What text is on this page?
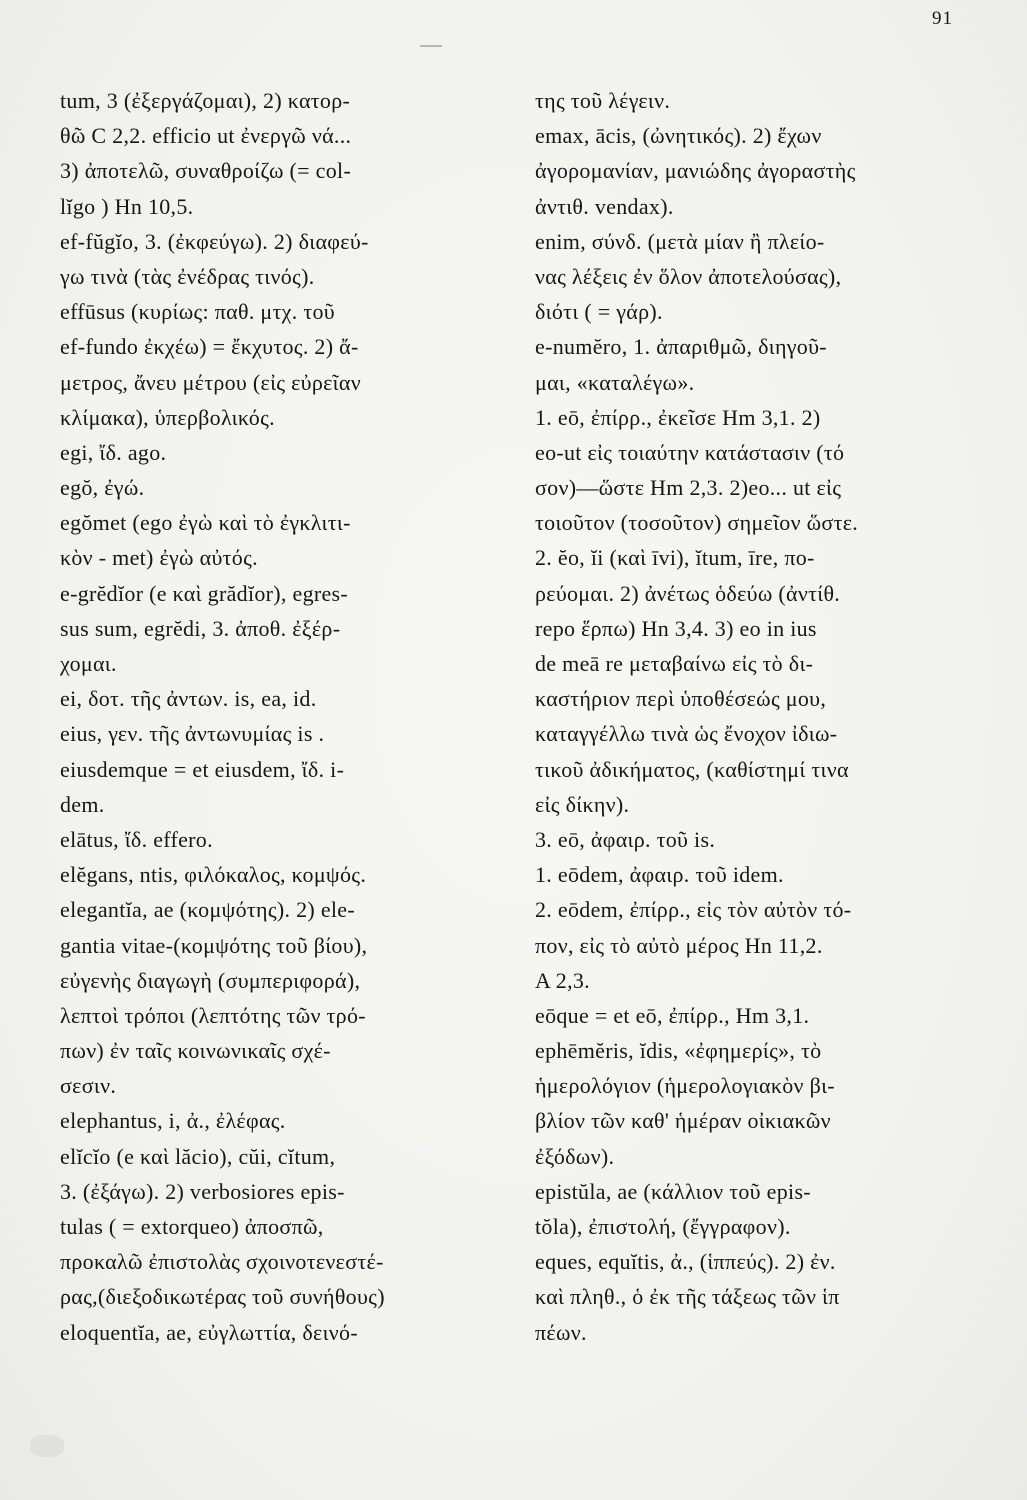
91
tum, 3 (ἐξεργάζομαι), 2) κατορ-
θῶ C 2,2. efficio ut ἐνεργῶ νά...
3) ἀποτελῶ, συναθροίζω (= col-
lĭgo ) Hn 10,5.
ef-fŭgĭo, 3. (ἐκφεύγω). 2) διαφεύ-
γω τινὰ (τὰς ἐνέδρας τινός).
effūsus (κυρίως: παθ. μτχ. τοῦ
ef-fundo ἐκχέω) = ἔκχυτος. 2) ἄ-
μετρος, ἄνευ μέτρου (εἰς εὐρεῖαν
κλίμακα), ὑπερβολικός.
egi, ἴδ. ago.
egŏ, ἐγώ.
egŏmet (ego ἐγὼ καὶ τὸ ἐγκλιτι-
κὸν - met) ἐγὼ αὐτός.
e-grĕdĭor (e καὶ grădĭor), egres-
sus sum, egrĕdi, 3. ἀποθ. ἐξέρ-
χομαι.
ei, δοτ. τῆς ἀντων. is, ea, id.
eius, γεν. τῆς ἀντωνυμίας is .
eiusdemque = et eiusdem, ἴδ. i-
dem.
elātus, ἴδ. effero.
elĕgans, ntis, φιλόκαλος, κομψός.
elegantĭa, ae (κομψότης). 2) ele-
gantia vitae-(κομψότης τοῦ βίου),
εὐγενὴς διαγωγὴ (συμπεριφορά),
λεπτοὶ τρόποι (λεπτότης τῶν τρό-
πων) ἐν ταῖς κοινωνικαῖς σχέ-
σεσιν.
elephantus, i, ἀ., ἐλέφας.
elĭcĭo (e καὶ lăcio), cŭi, cĭtum,
3. (ἐξάγω). 2) verbosiores epis-
tulas ( = extorqueo) ἀποσπῶ,
προκαλῶ ἐπιστολὰς σχοινοτενεστέ-
ρας,(διεξοδικωτέρας τοῦ συνήθους)
eloquentĭa, ae, εὐγλωττία, δεινό-
της τοῦ λέγειν.
emax, ācis, (ὠνητικός). 2) ἔχων
ἀγορομανίαν, μανιώδης ἀγοραστὴς
ἀντιθ. vendax).
enim, σύνδ. (μετὰ μίαν ἢ πλείο-
νας λέξεις ἐν ὅλον ἀποτελούσας),
διότι ( = γάρ).
e-numĕro, 1. ἀπαριθμῶ, διηγοῦ-
μαι, «καταλέγω».
1. eō, ἐπίρρ., ἐκεῖσε Hm 3,1. 2)
eo-ut εἰς τοιαύτην κατάστασιν (τό
σον)—ὥστε Hm 2,3. 2)eo... ut εἰς
τοιοῦτον (τοσοῦτον) σημεῖον ὥστε.
2. ĕo, ĭi (καὶ īvi), ĭtum, īre, πο-
ρεύομαι. 2) ἀνέτως ὁδεύω (ἀντίθ.
repo ἕρπω) Hn 3,4. 3) eo in ius
de meā re μεταβαίνω εἰς τὸ δι-
καστήριον περὶ ὑποθέσεώς μου,
καταγγέλλω τινὰ ὡς ἔνοχον ἰδιω-
τικοῦ ἀδικήματος, (καθίστημί τινα
εἰς δίκην).
3. eō, ἀφαιρ. τοῦ is.
1. eōdem, ἀφαιρ. τοῦ idem.
2. eōdem, ἐπίρρ., εἰς τὸν αὐτὸν τό-
πον, εἰς τὸ αὐτὸ μέρος Hn 11,2.
A 2,3.
eōque = et eō, ἐπίρρ., Hm 3,1.
ephēmĕris, ĭdis, «ἐφημερίς», τὸ
ἡμερολόγιον (ἡμερολογιακὸν βι-
βλίον τῶν καθ' ἡμέραν οἰκιακῶν
ἐξόδων).
epistŭla, ae (κάλλιον τοῦ epis-
tŏla), ἐπιστολή, (ἔγγραφον).
eques, equĭtis, ἀ., (ἱππεύς). 2) ἐν.
καὶ πληθ., ὁ ἐκ τῆς τάξεως τῶν ἱπ
πέων.
